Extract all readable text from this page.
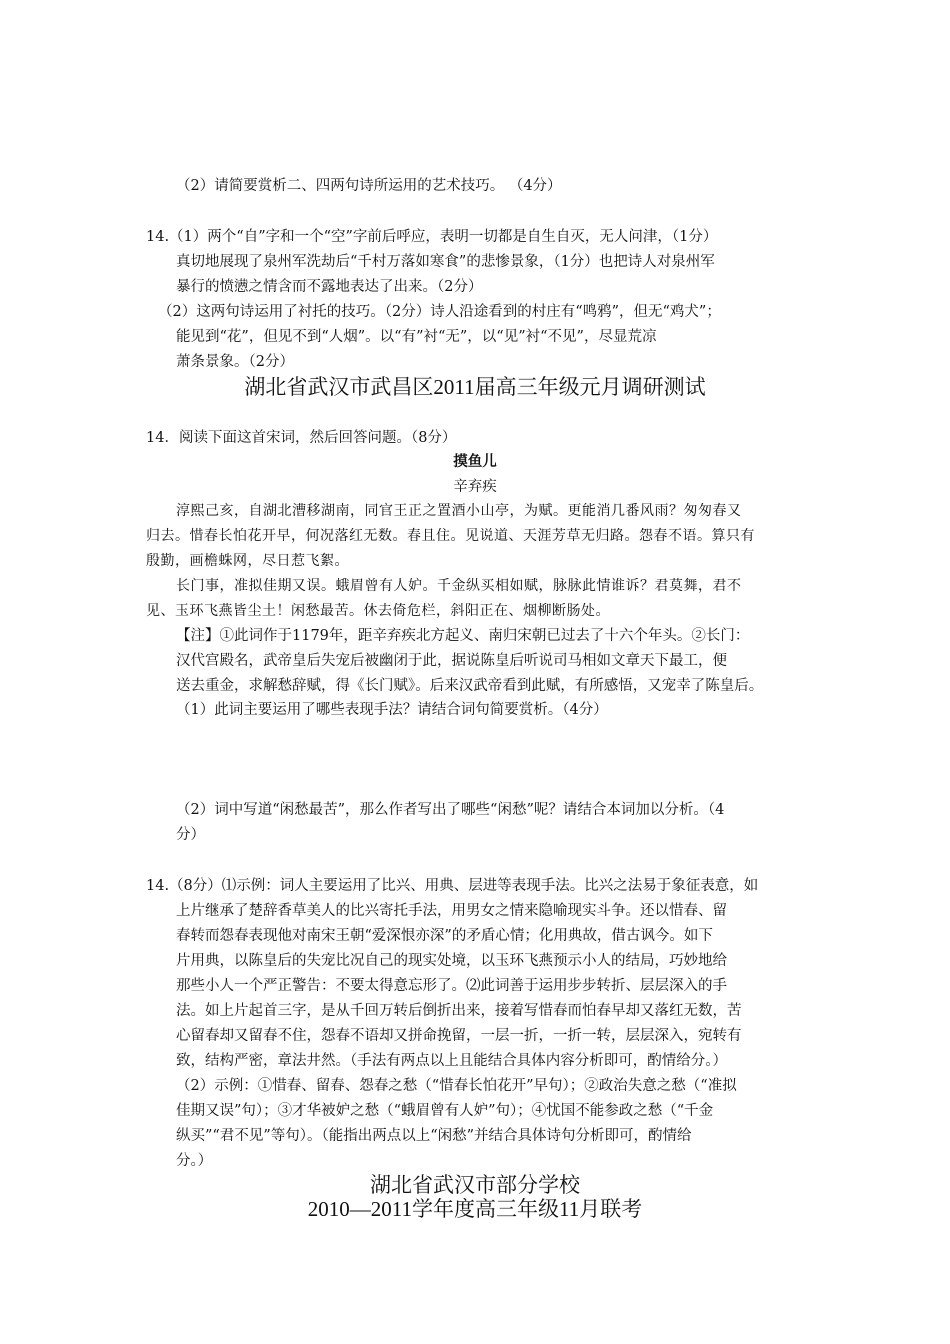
（2）请简要赏析二、四两句诗所运用的艺术技巧。 （4分）
14.（1）两个“自”字和一个“空”字前后呼应，表明一切都是自生自灭，无人问津，（1分）
真切地展现了泉州军洗劫后“千村万落如寒食”的悲惨景象，（1分）也把诗人对泉州军
暴行的愤懑之情含而不露地表达了出来。（2分）
（2）这两句诗运用了衬托的技巧。（2分）诗人沿途看到的村庄有“鸣鸦”，但无“鸡犬”；
能见到“花”，但见不到“人烟”。以“有”衬“无”，以“见”衬“不见”，尽显荒凉
萧条景象。（2分）
湖北省武汉市武昌区2011届高三年级元月调研测试
14．阅读下面这首宋词，然后回答问题。（8分）
摸鱼儿
辛弃疾
淳熙己亥，自湖北漕移湖南，同官王正之置酒小山亭，为赋。更能消几番风雨？匆匆春又
归去。惜春长怕花开早，何况落红无数。春且住。见说道、天涯芳草无归路。怨春不语。算只有
殷勤，画檐蛛网，尽日惹飞絮。
长门事，准拟佳期又误。蛾眉曾有人妒。千金纵买相如赋，脉脉此情谁诉？君莫舞，君不
见、玉环飞燕皆尘土！闲愁最苦。休去倚危栏，斜阳正在、烟柳断肠处。
【注】①此词作于1179年，距辛弃疾北方起义、南归宋朝已过去了十六个年头。②长门：
汉代宫殿名，武帝皇后失宠后被幽闭于此，据说陈皇后听说司马相如文章天下最工，便
送去重金，求解愁辞赋，得《长门赋》。后来汉武帝看到此赋，有所感悟，又宠幸了陈皇后。
（1）此词主要运用了哪些表现手法？请结合词句简要赏析。（4分）
（2）词中写道“闲愁最苦”，那么作者写出了哪些“闲愁”呢？请结合本词加以分析。（4
分）
14.（8分）⑴示例：词人主要运用了比兴、用典、层进等表现手法。比兴之法易于象征表意，如
上片继承了楚辞香草美人的比兴寄托手法，用男女之情来隐喻现实斗争。还以惜春、留
春转而怨春表现他对南宋王朝“爱深恨亦深”的矛盾心情；化用典故，借古讽今。如下
片用典，以陈皇后的失宠比况自己的现实处境，以玉环飞燕预示小人的结局，巧妙地给
那些小人一个严正警告：不要太得意忘形了。⑵此词善于运用步步转折、层层深入的手
法。如上片起首三字，是从千回万转后倒折出来，接着写惜春而怕春早却又落红无数，苦
心留春却又留春不住，怨春不语却又拼命挽留，一层一折，一折一转，层层深入，宛转有
致，结构严密，章法井然。（手法有两点以上且能结合具体内容分析即可，酌情给分。）
（2）示例：①惜春、留春、怨春之愁（“惜春长怕花开”早句）；②政治失意之愁（“准拟
佳期又误”句）；③才华被妒之愁（“蛾眉曾有人妒”句）；④忧国不能参政之愁（“千金
纵买”“君不见”等句）。（能指出两点以上“闲愁”并结合具体诗句分析即可，酌情给
分。）
湖北省武汉市部分学校
2010—2011学年度高三年级11月联考
